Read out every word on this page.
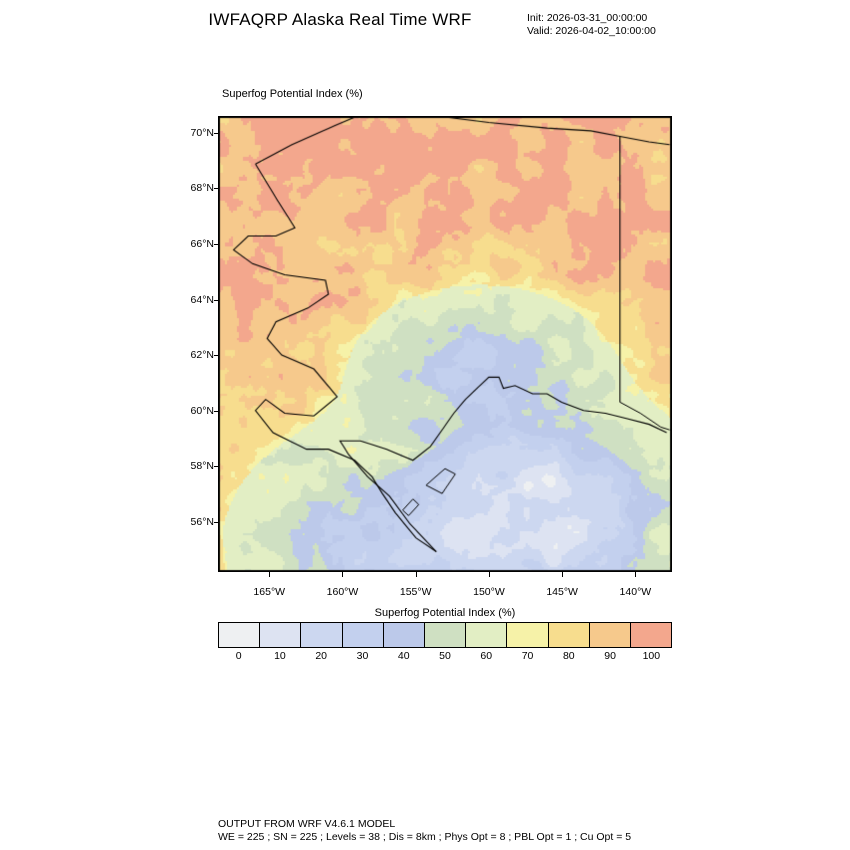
IWFAQRP Alaska Real Time WRF	Init: 2026-03-31_00:00:00
Valid: 2026-04-02_10:00:00
Superfog Potential Index (%)
56°N
58°N
60°N
62°N
64°N
66°N
68°N
70°N
165°W	160°W	155°W	150°W	145°W	140°W
Superfog Potential Index (%)
0	10	20	30	40	50	60	70	80	90	100
OUTPUT FROM WRF V4.6.1 MODEL
WE = 225 ; SN = 225 ; Levels = 38 ; Dis = 8km ; Phys Opt = 8 ; PBL Opt = 1 ; Cu Opt = 5
